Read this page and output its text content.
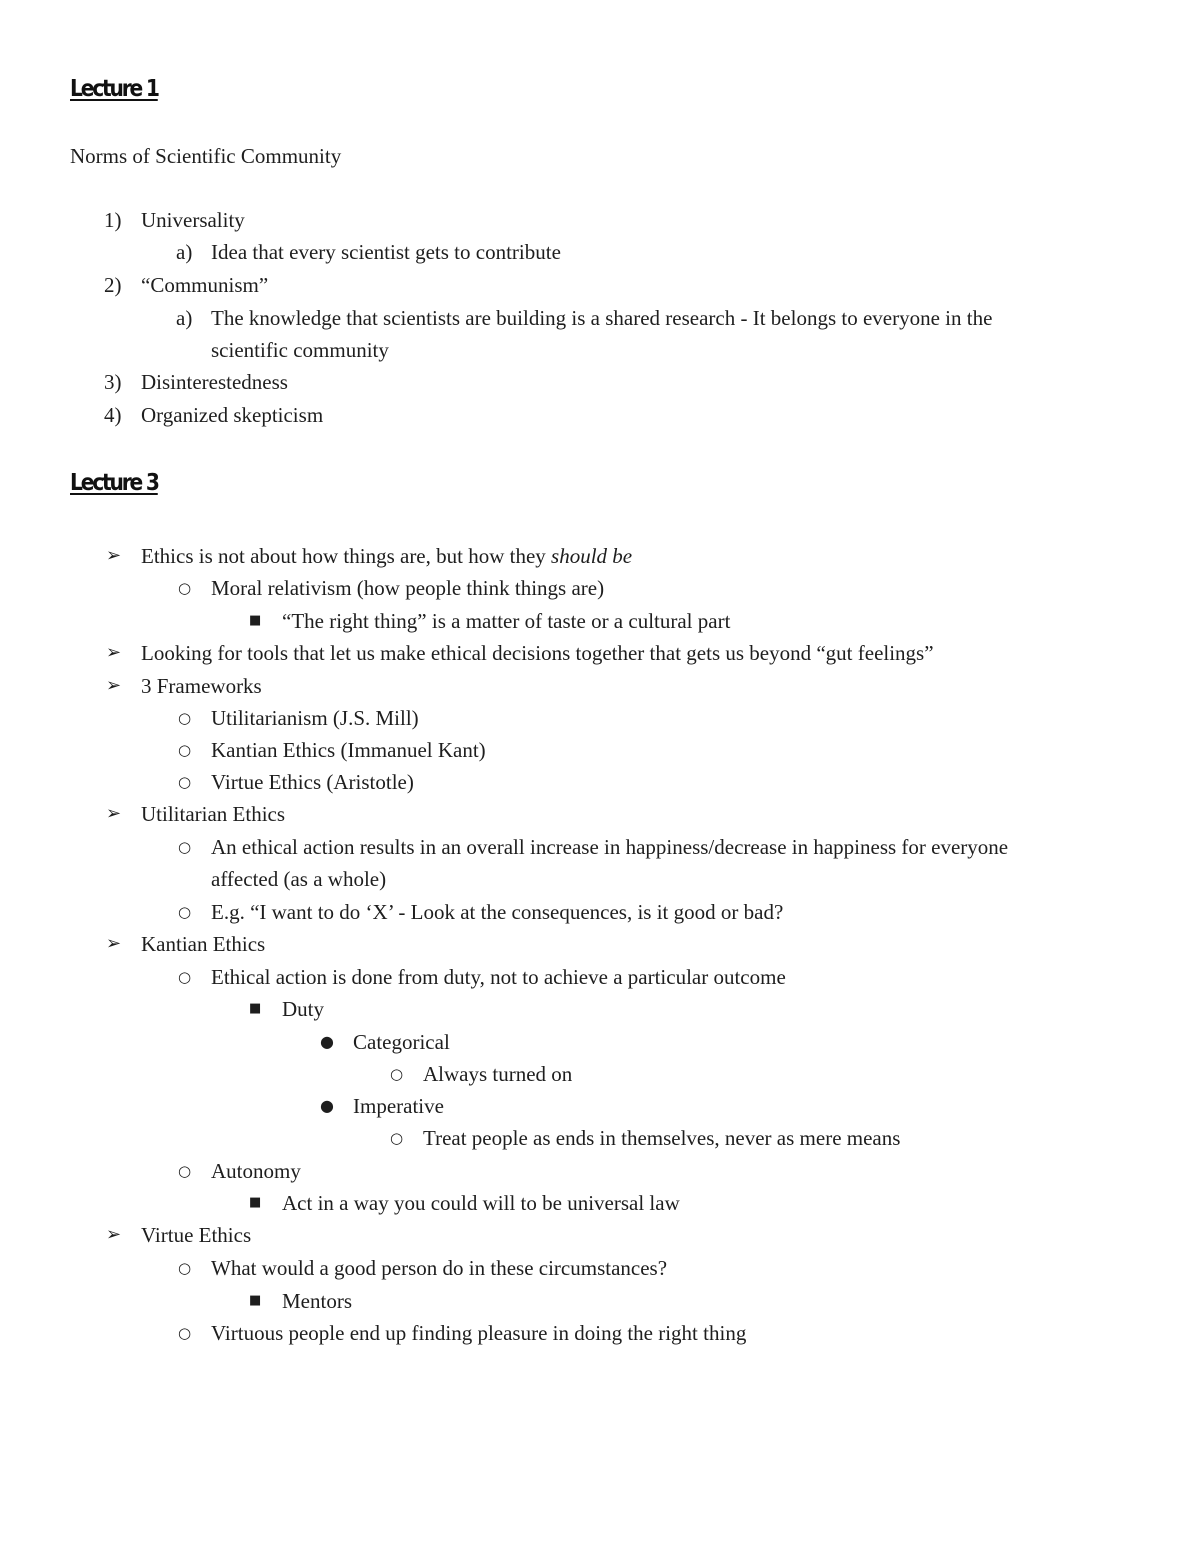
Lecture 1
Norms of Scientific Community
1) Universality
a) Idea that every scientist gets to contribute
2) “Communism”
a) The knowledge that scientists are building is a shared research - It belongs to everyone in the
scientific community
3) Disinterestedness
4) Organized skepticism
Lecture 3
➢ Ethics is not about how things are, but how they should be
○ Moral relativism (how people think things are)
■ “The right thing” is a matter of taste or a cultural part
➢ Looking for tools that let us make ethical decisions together that gets us beyond “gut feelings”
➢ 3 Frameworks
○ Utilitarianism (J.S. Mill)
○ Kantian Ethics (Immanuel Kant)
○ Virtue Ethics (Aristotle)
➢ Utilitarian Ethics
○ An ethical action results in an overall increase in happiness/decrease in happiness for everyone
affected (as a whole)
○ E.g. “I want to do ‘X’ - Look at the consequences, is it good or bad?
➢ Kantian Ethics
○ Ethical action is done from duty, not to achieve a particular outcome
■ Duty
● Categorical
○ Always turned on
● Imperative
○ Treat people as ends in themselves, never as mere means
○ Autonomy
■ Act in a way you could will to be universal law
➢ Virtue Ethics
○ What would a good person do in these circumstances?
■ Mentors
○ Virtuous people end up finding pleasure in doing the right thing
